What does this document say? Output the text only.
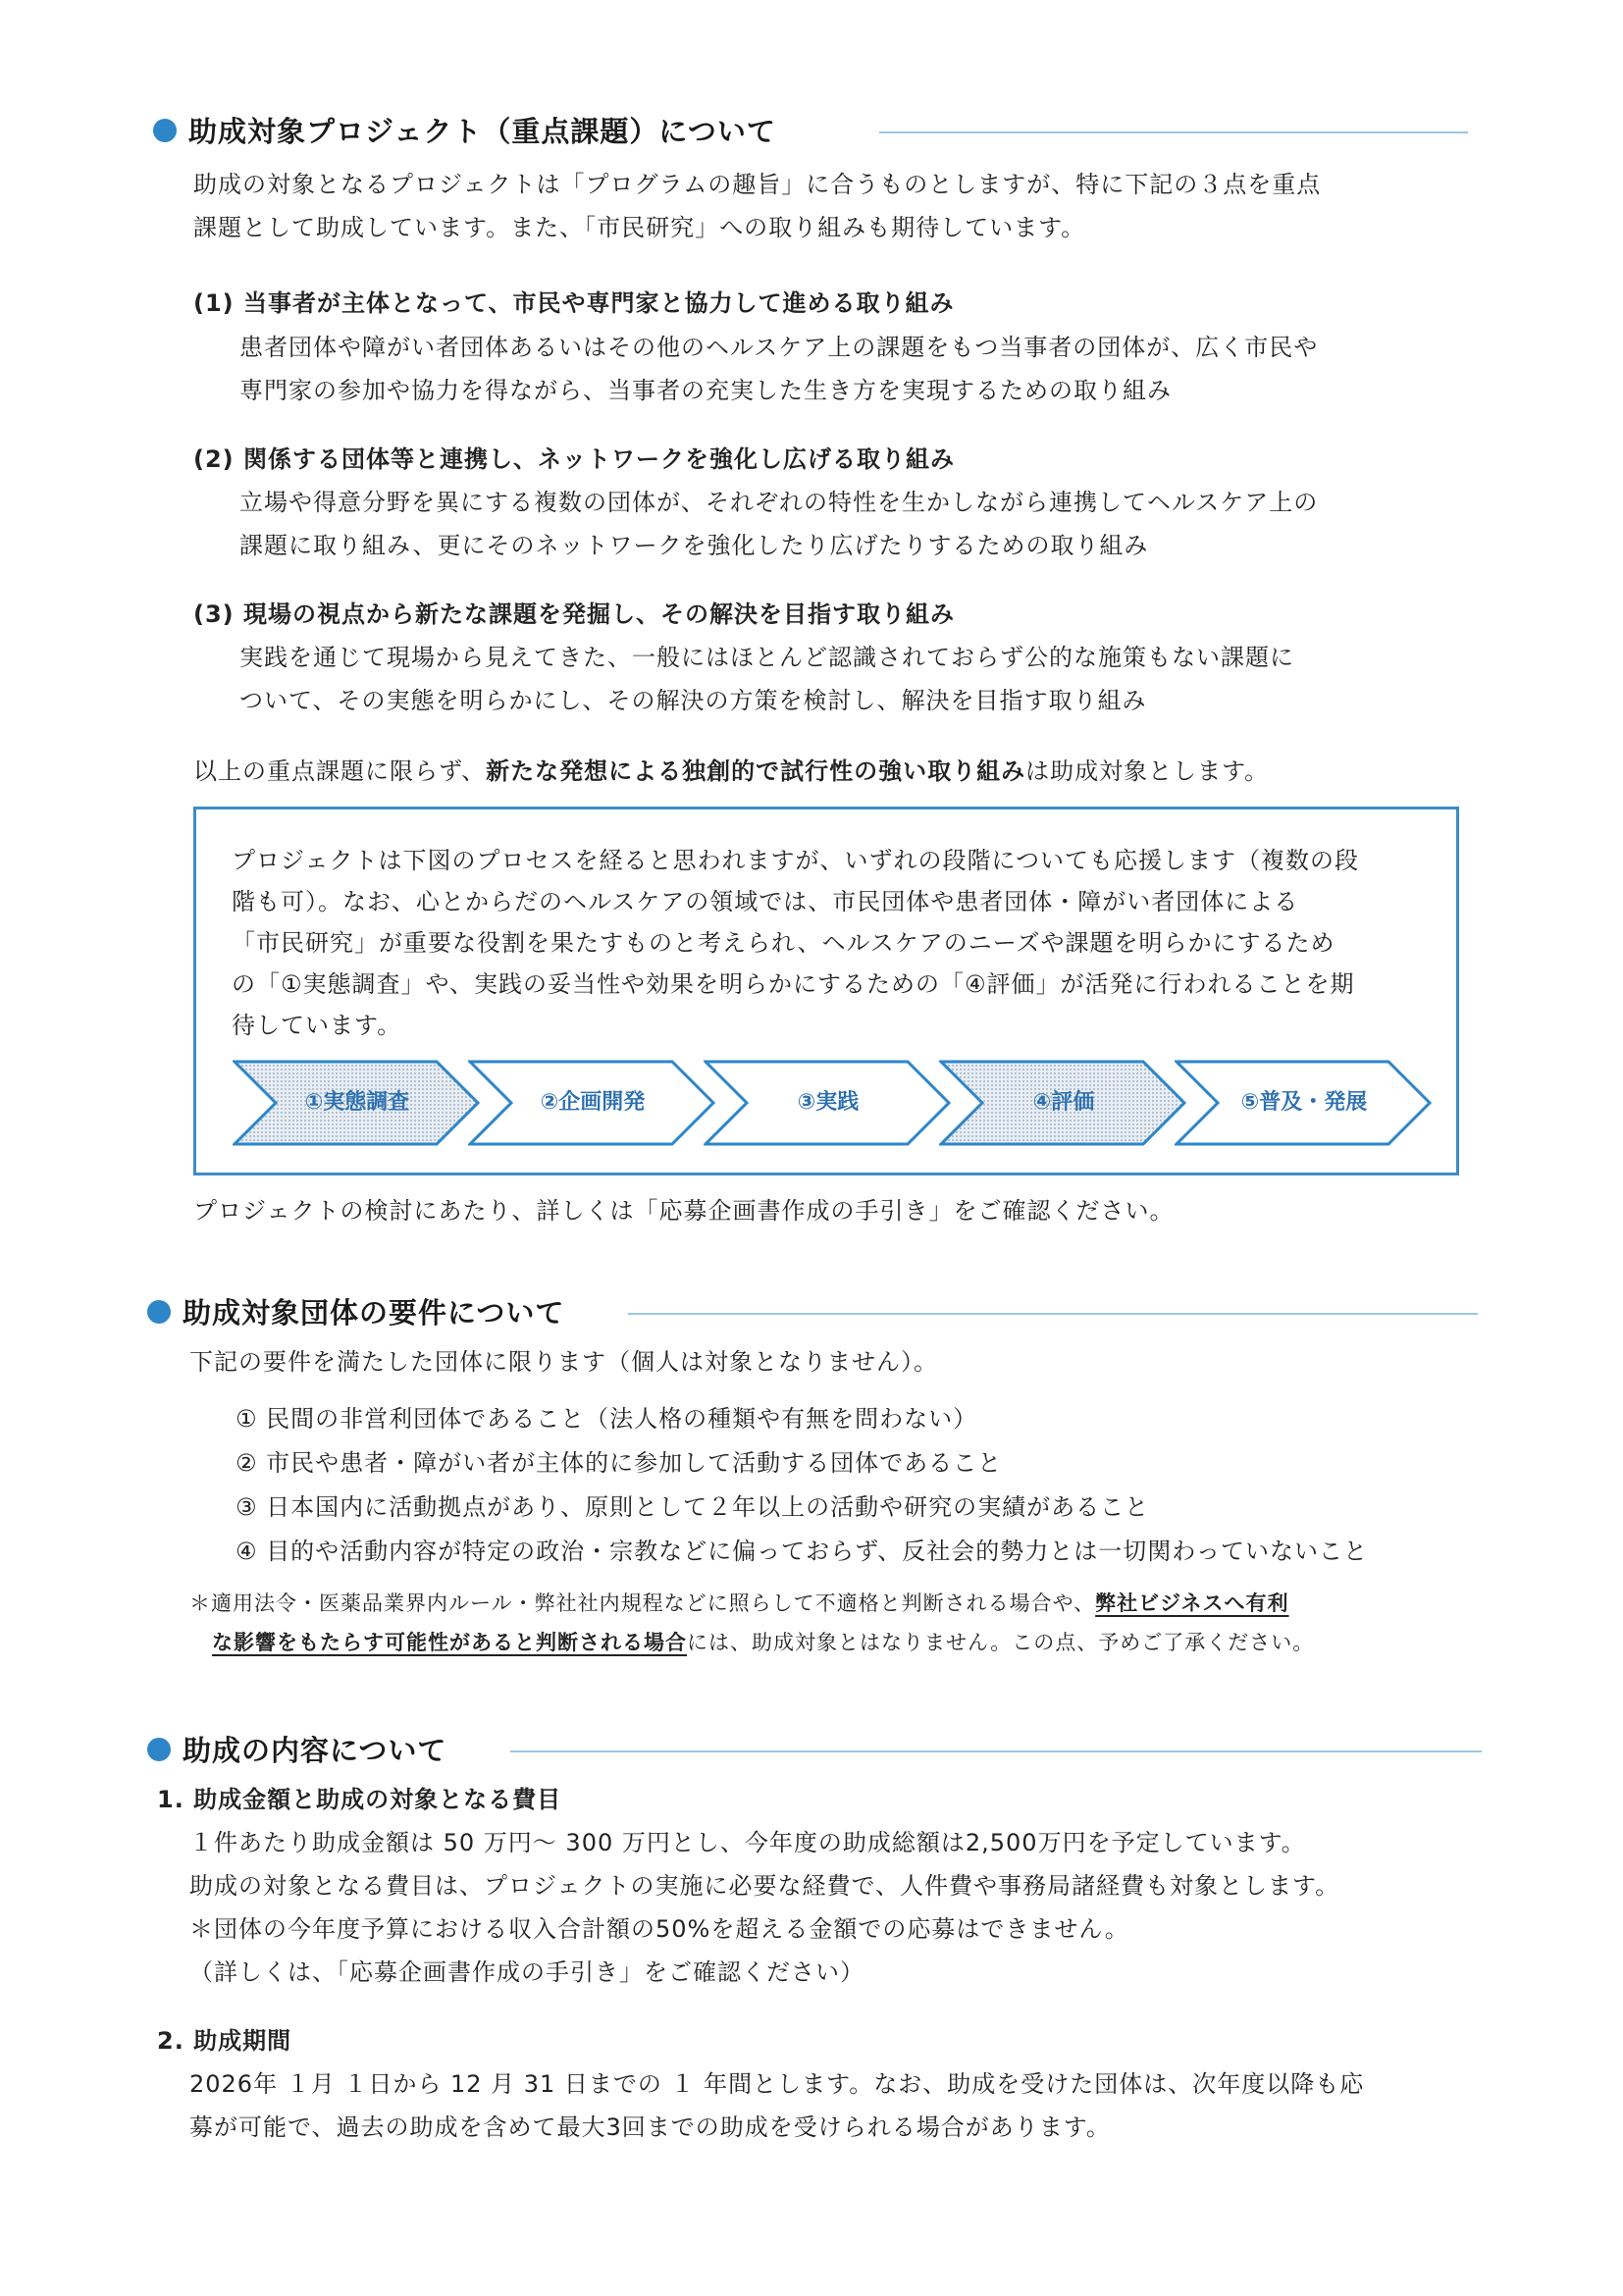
助成対象プロジェクト（重点課題）について
助成の対象となるプロジェクトは「プログラムの趣旨」に合うものとしますが、特に下記の３点を重点
課題として助成しています。また、「市民研究」への取り組みも期待しています。
(1) 当事者が主体となって、市民や専門家と協力して進める取り組み
患者団体や障がい者団体あるいはその他のヘルスケア上の課題をもつ当事者の団体が、広く市民や
専門家の参加や協力を得ながら、当事者の充実した生き方を実現するための取り組み
(2) 関係する団体等と連携し、ネットワークを強化し広げる取り組み
立場や得意分野を異にする複数の団体が、それぞれの特性を生かしながら連携してヘルスケア上の
課題に取り組み、更にそのネットワークを強化したり広げたりするための取り組み
(3) 現場の視点から新たな課題を発掘し、その解決を目指す取り組み
実践を通じて現場から見えてきた、一般にはほとんど認識されておらず公的な施策もない課題に
ついて、その実態を明らかにし、その解決の方策を検討し、解決を目指す取り組み
以上の重点課題に限らず、新たな発想による独創的で試行性の強い取り組みは助成対象とします。
プロジェクトは下図のプロセスを経ると思われますが、いずれの段階についても応援します（複数の段
階も可）。なお、心とからだのヘルスケアの領域では、市民団体や患者団体・障がい者団体による
「市民研究」が重要な役割を果たすものと考えられ、ヘルスケアのニーズや課題を明らかにするため
の「①実態調査」や、実践の妥当性や効果を明らかにするための「④評価」が活発に行われることを期
待しています。
①実態調査	②企画開発	③実践	④評価	⑤普及・発展
プロジェクトの検討にあたり、詳しくは「応募企画書作成の手引き」をご確認ください。
助成対象団体の要件について
下記の要件を満たした団体に限ります（個人は対象となりません）。
① 民間の非営利団体であること（法人格の種類や有無を問わない）
② 市民や患者・障がい者が主体的に参加して活動する団体であること
③ 日本国内に活動拠点があり、原則として２年以上の活動や研究の実績があること
④ 目的や活動内容が特定の政治・宗教などに偏っておらず、反社会的勢力とは一切関わっていないこと
＊適用法令・医薬品業界内ルール・弊社社内規程などに照らして不適格と判断される場合や、弊社ビジネスへ有利
な影響をもたらす可能性があると判断される場合には、助成対象とはなりません。この点、予めご了承ください。
助成の内容について
1. 助成金額と助成の対象となる費目
１件あたり助成金額は 50 万円～ 300 万円とし、今年度の助成総額は2,500万円を予定しています。
助成の対象となる費目は、プロジェクトの実施に必要な経費で、人件費や事務局諸経費も対象とします。
＊団体の今年度予算における収入合計額の50%を超える金額での応募はできません。
（詳しくは、「応募企画書作成の手引き」をご確認ください）
2. 助成期間
2026年 １月 １日から 12 月 31 日までの １ 年間とします。なお、助成を受けた団体は、次年度以降も応
募が可能で、過去の助成を含めて最大3回までの助成を受けられる場合があります。
